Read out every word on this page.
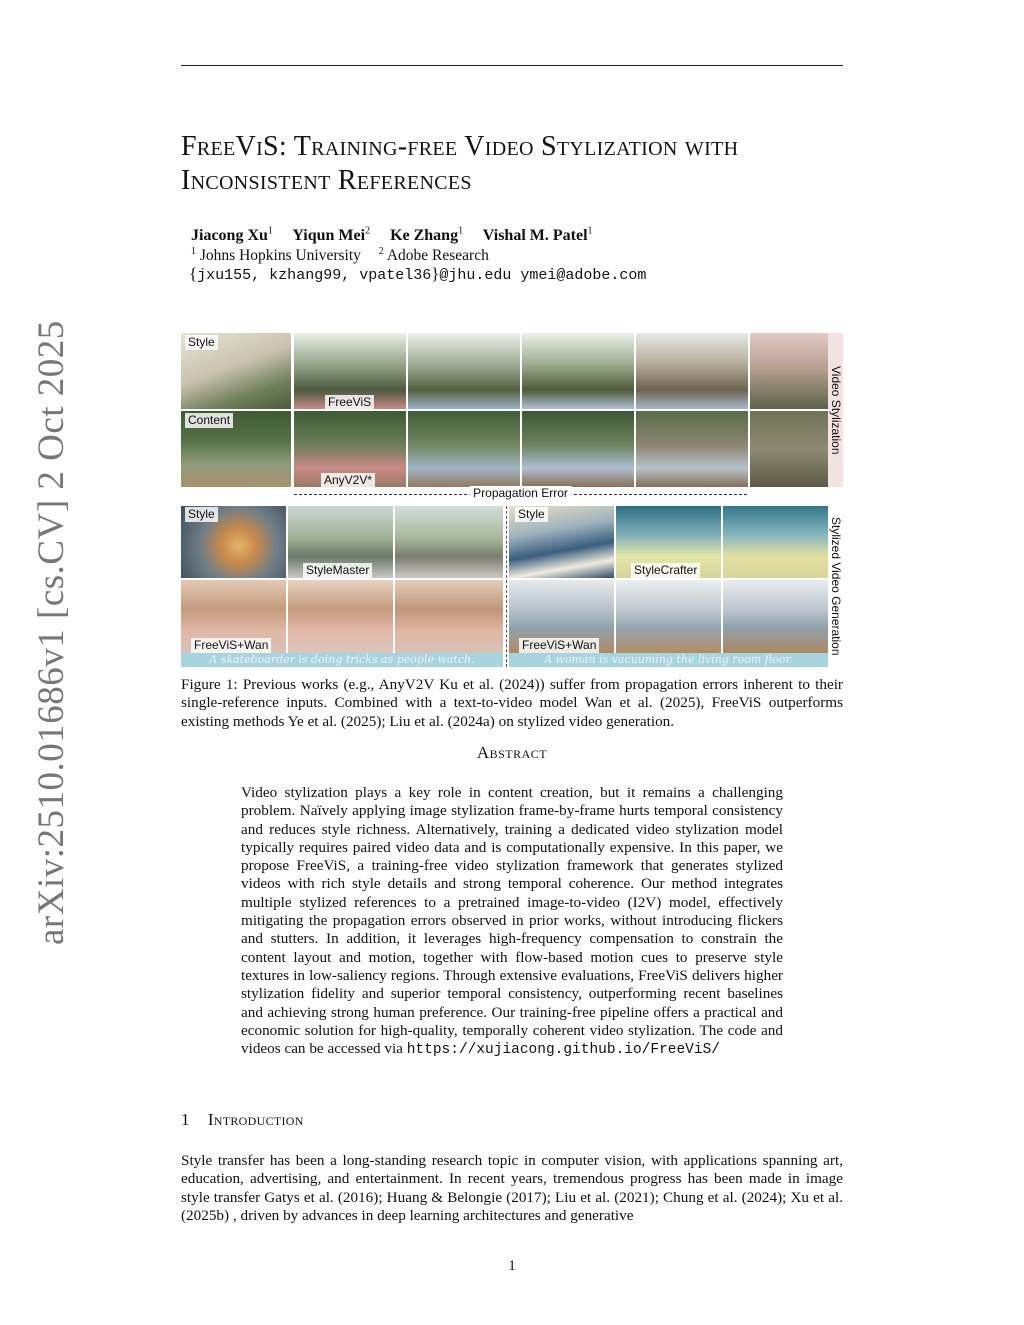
arXiv:2510.01686v1 [cs.CV] 2 Oct 2025
FreeViS: Training-free Video Stylization with Inconsistent References
Jiacong Xu$^1$ Yiqun Mei$^2$ Ke Zhang$^1$ Vishal M. Patel$^1$
$^1$ Johns Hopkins University $^2$ Adobe Research
{jxu155, kzhang99, vpatel36}@jhu.edu ymei@adobe.com
Style
Content
FreeViS
AnyV2V*
Video Stylization
A skateboarder is doing tricks as people watch.
Style
StyleMaster
FreeViS+Wan
A woman is vacuuming the living room floor.
Style
StyleCrafter
FreeViS+Wan	Stylized Video Generation
Propagation Error
Figure 1: Previous works (e.g., AnyV2V Ku et al. (2024)) suffer from propagation errors inherent to their single-reference inputs. Combined with a text-to-video model Wan et al. (2025), FreeViS outperforms existing methods Ye et al. (2025); Liu et al. (2024a) on stylized video generation.
Abstract
Video stylization plays a key role in content creation, but it remains a challenging problem. Naïvely applying image stylization frame-by-frame hurts temporal consistency and reduces style richness. Alternatively, training a dedicated video stylization model typically requires paired video data and is computationally expensive. In this paper, we propose FreeViS, a training-free video stylization framework that generates stylized videos with rich style details and strong temporal coherence. Our method integrates multiple stylized references to a pretrained image-to-video (I2V) model, effectively mitigating the propagation errors observed in prior works, without introducing flickers and stutters. In addition, it leverages high-frequency compensation to constrain the content layout and motion, together with flow-based motion cues to preserve style textures in low-saliency regions. Through extensive evaluations, FreeViS delivers higher stylization fidelity and superior temporal consistency, outperforming recent baselines and achieving strong human preference. Our training-free pipeline offers a practical and economic solution for high-quality, temporally coherent video stylization. The code and videos can be accessed via https://xujiacong.github.io/FreeViS/
1 Introduction
Style transfer has been a long-standing research topic in computer vision, with applications spanning art, education, advertising, and entertainment. In recent years, tremendous progress has been made in image style transfer Gatys et al. (2016); Huang & Belongie (2017); Liu et al. (2021); Chung et al. (2024); Xu et al. (2025b) , driven by advances in deep learning architectures and generative
1
